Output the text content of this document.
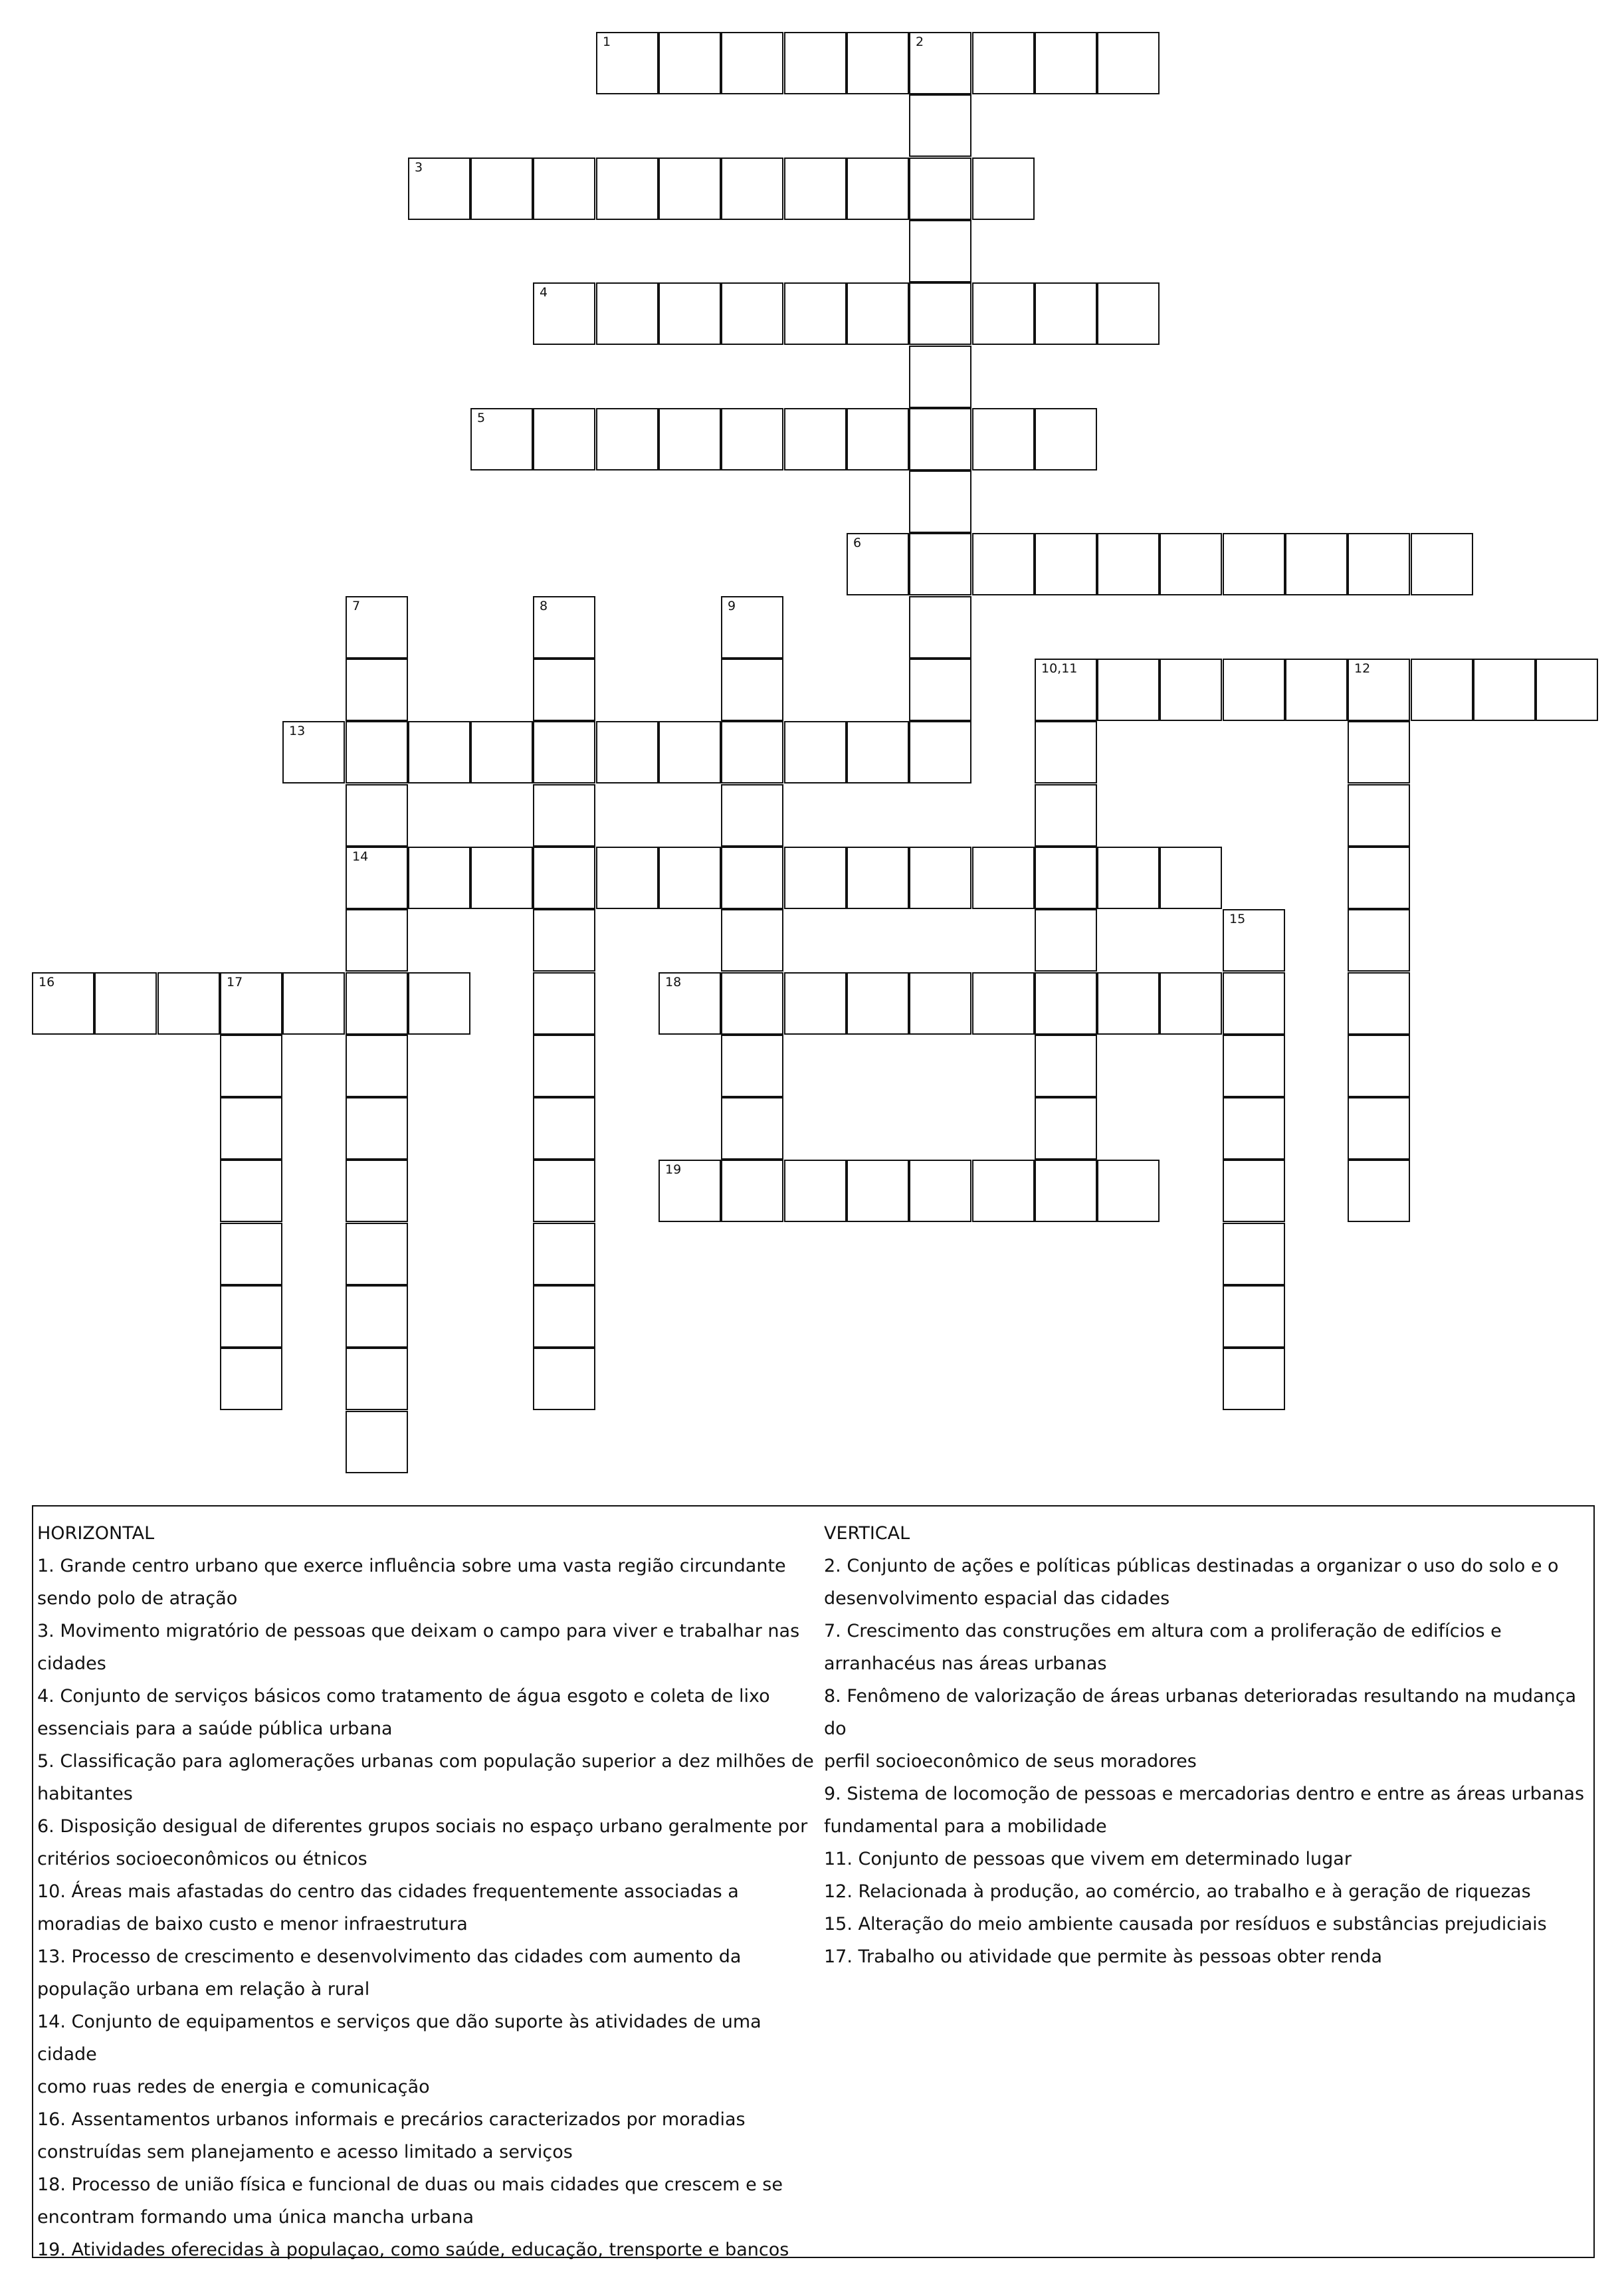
1	2
3
4
5
6
7	8	9
10,11	12
13
14
15
16	17	18
19
HORIZONTAL
1. Grande centro urbano que exerce influência sobre uma vasta região circundante
sendo polo de atração
3. Movimento migratório de pessoas que deixam o campo para viver e trabalhar nas
cidades
4. Conjunto de serviços básicos como tratamento de água esgoto e coleta de lixo
essenciais para a saúde pública urbana
5. Classificação para aglomerações urbanas com população superior a dez milhões de
habitantes
6. Disposição desigual de diferentes grupos sociais no espaço urbano geralmente por
critérios socioeconômicos ou étnicos
10. Áreas mais afastadas do centro das cidades frequentemente associadas a
moradias de baixo custo e menor infraestrutura
13. Processo de crescimento e desenvolvimento das cidades com aumento da
população urbana em relação à rural
14. Conjunto de equipamentos e serviços que dão suporte às atividades de uma cidade
como ruas redes de energia e comunicação
16. Assentamentos urbanos informais e precários caracterizados por moradias
construídas sem planejamento e acesso limitado a serviços
18. Processo de união física e funcional de duas ou mais cidades que crescem e se
encontram formando uma única mancha urbana
19. Atividades oferecidas à populaçao, como saúde, educação, trensporte e bancos
VERTICAL
2. Conjunto de ações e políticas públicas destinadas a organizar o uso do solo e o
desenvolvimento espacial das cidades
7. Crescimento das construções em altura com a proliferação de edifícios e
arranhacéus nas áreas urbanas
8. Fenômeno de valorização de áreas urbanas deterioradas resultando na mudança do
perfil socioeconômico de seus moradores
9. Sistema de locomoção de pessoas e mercadorias dentro e entre as áreas urbanas
fundamental para a mobilidade
11. Conjunto de pessoas que vivem em determinado lugar
12. Relacionada à produção, ao comércio, ao trabalho e à geração de riquezas
15. Alteração do meio ambiente causada por resíduos e substâncias prejudiciais
17. Trabalho ou atividade que permite às pessoas obter renda
